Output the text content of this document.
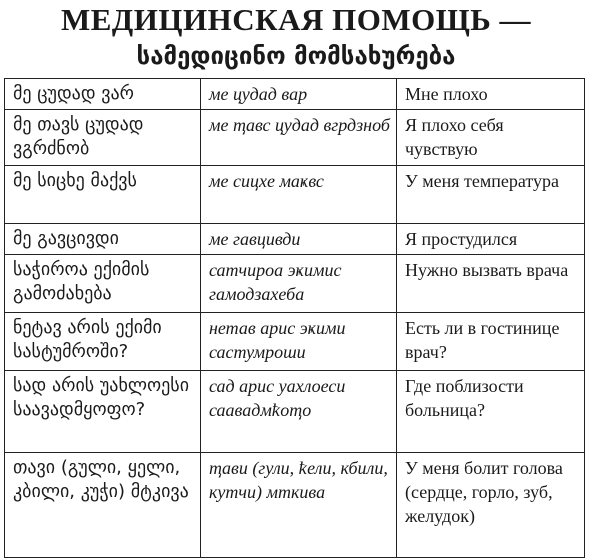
МЕДИЦИНСКАЯ ПОМОЩЬ —
სამედიცინო მომსახურება
მე ცუდად ვარ	ме цудад вар	Мне плохо
მე თავს ცუდად ვგრძნობ	ме ҭавс цудад вгрдзноб	Я плохо себя чувствую
მე სიცხე მაქვს	ме сицхе маҝвс	У меня температура
მე გავცივდი	ме гавцивди	Я простудился
საჭიროა ექიმის გამოძახება	сатчироа эҝимис гамодзахеба	Нужно вызвать врача
ნეტავ არის ექიმი სასტუმროში?	нетав арис эҝими састумроши	Есть ли в гостинице врач?
სად არის უახლოესი საავადმყოფო?	сад арис уахлоеси саавадмҟоҭо	Где поблизости больница?
თავი (გული, ყელი, კბილი, კუჭი) მტკივა	ҭави (гули, ҟели, кбили, кутчи) мткива	У меня болит голова (сердце, горло, зуб, желудок)
